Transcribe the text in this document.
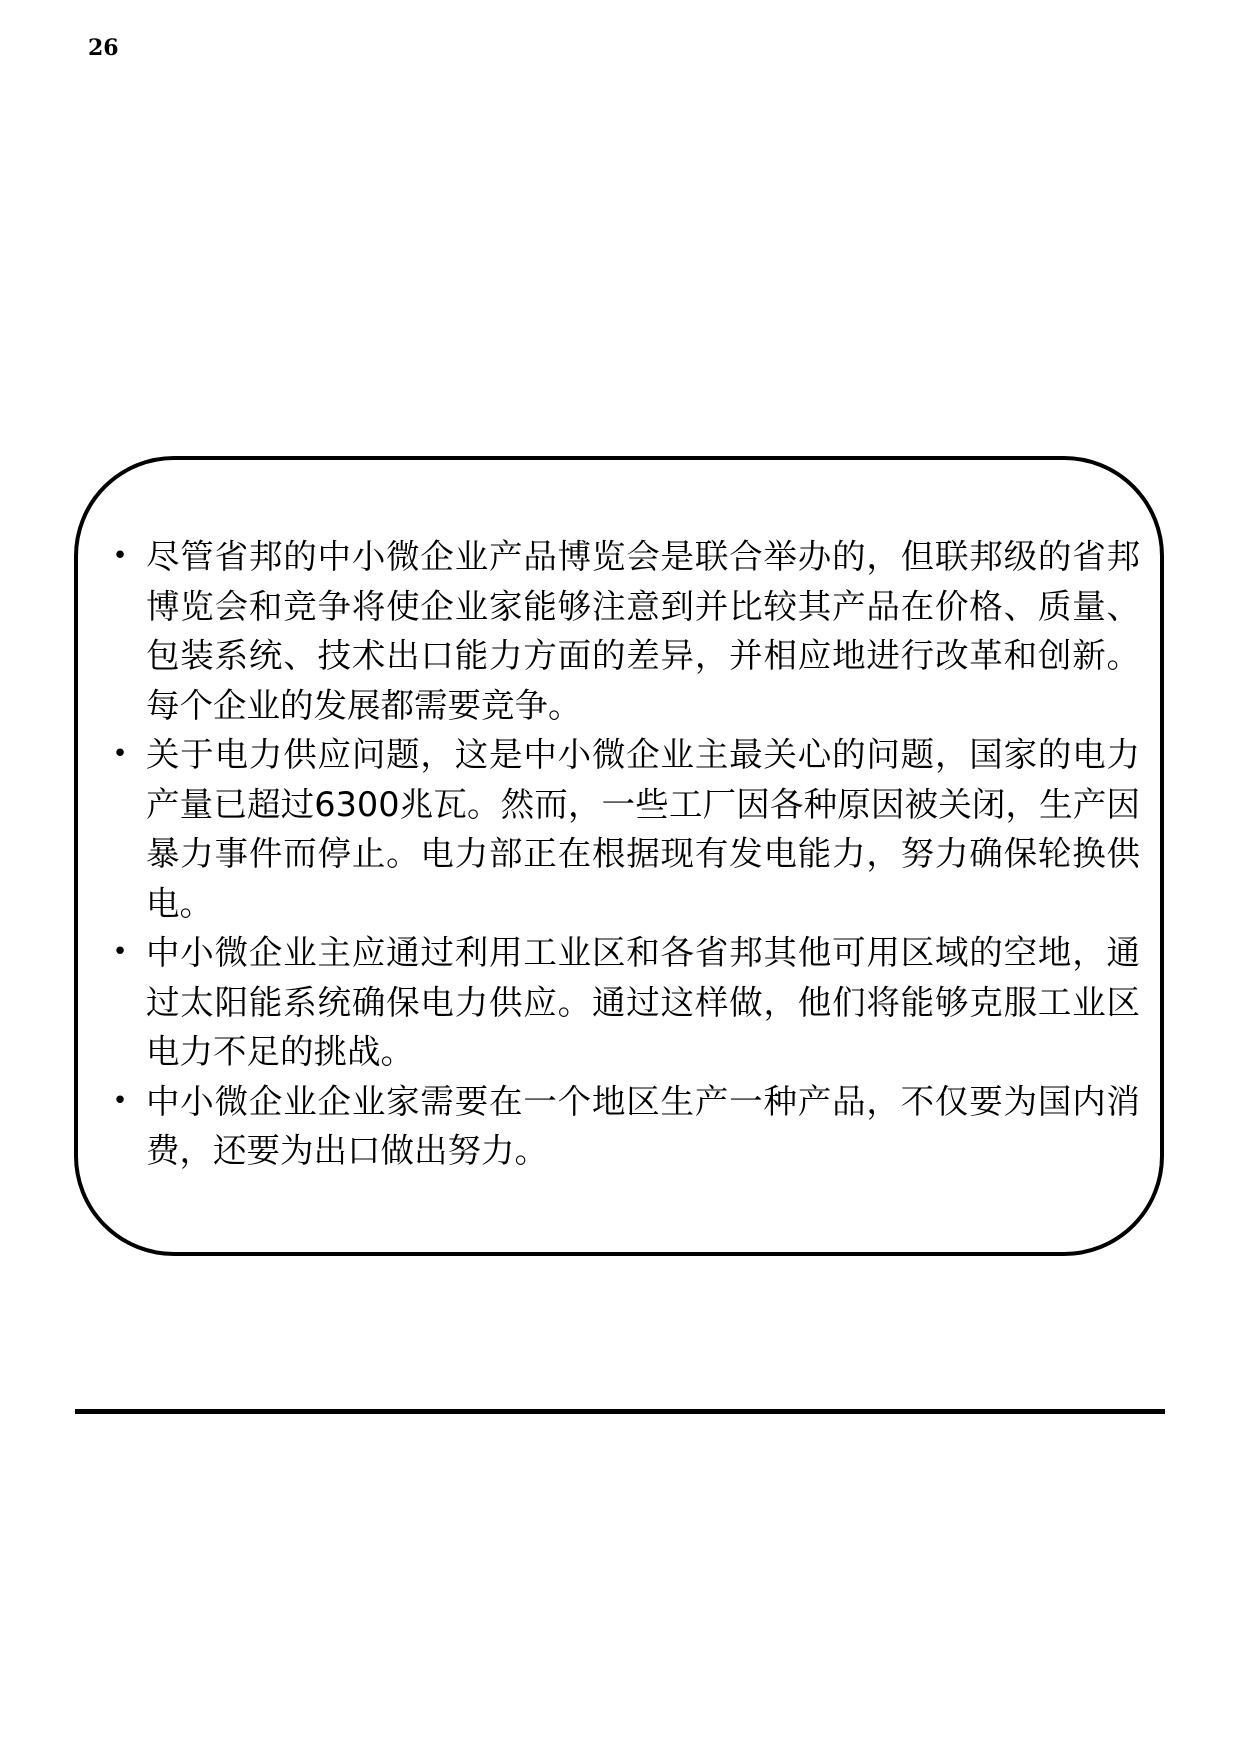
26
• 尽管省邦的中小微企业产品博览会是联合举办的，但联邦级的省邦博览会和竞争将使企业家能够注意到并比较其产品在价格、质量、包装系统、技术出口能力方面的差异，并相应地进行改革和创新。每个企业的发展都需要竞争。
• 关于电力供应问题，这是中小微企业主最关心的问题，国家的电力产量已超过6300兆瓦。然而，一些工厂因各种原因被关闭，生产因暴力事件而停止。电力部正在根据现有发电能力，努力确保轮换供电。
• 中小微企业主应通过利用工业区和各省邦其他可用区域的空地，通过太阳能系统确保电力供应。通过这样做，他们将能够克服工业区电力不足的挑战。
• 中小微企业企业家需要在一个地区生产一种产品，不仅要为国内消费，还要为出口做出努力。
